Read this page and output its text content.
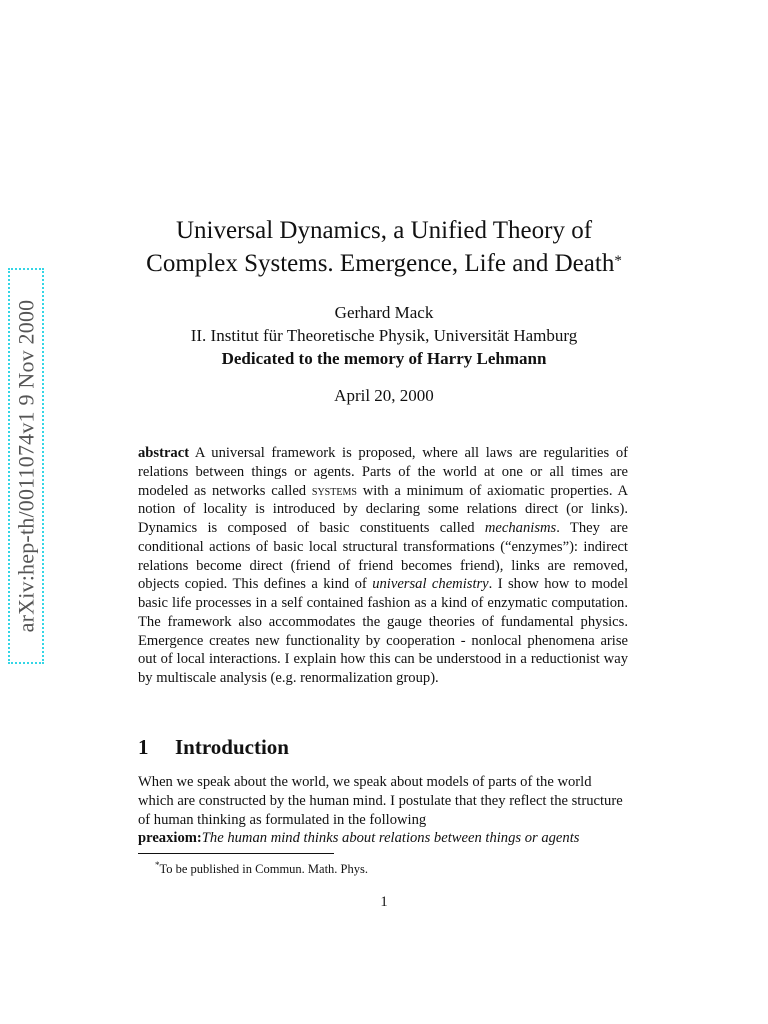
arXiv:hep-th/0011074v1 9 Nov 2000
Universal Dynamics, a Unified Theory of
Complex Systems. Emergence, Life and Death*
Gerhard Mack
II. Institut für Theoretische Physik, Universität Hamburg
Dedicated to the memory of Harry Lehmann
April 20, 2000
abstract A universal framework is proposed, where all laws are regularities of relations between things or agents. Parts of the world at one or all times are modeled as networks called systems with a minimum of axiomatic properties. A notion of locality is introduced by declaring some relations direct (or links). Dynamics is composed of basic constituents called mechanisms. They are conditional actions of basic local structural transformations (“enzymes”): indirect relations become direct (friend of friend becomes friend), links are removed, objects copied. This defines a kind of universal chemistry. I show how to model basic life processes in a self contained fashion as a kind of enzymatic computation. The framework also accommodates the gauge theories of fundamental physics. Emergence creates new functionality by cooperation - nonlocal phenomena arise out of local interactions. I explain how this can be understood in a reductionist way by multiscale analysis (e.g. renormalization group).
1 Introduction
When we speak about the world, we speak about models of parts of the world which are constructed by the human mind. I postulate that they reflect the structure of human thinking as formulated in the following
preaxiom:The human mind thinks about relations between things or agents
*To be published in Commun. Math. Phys.
1
